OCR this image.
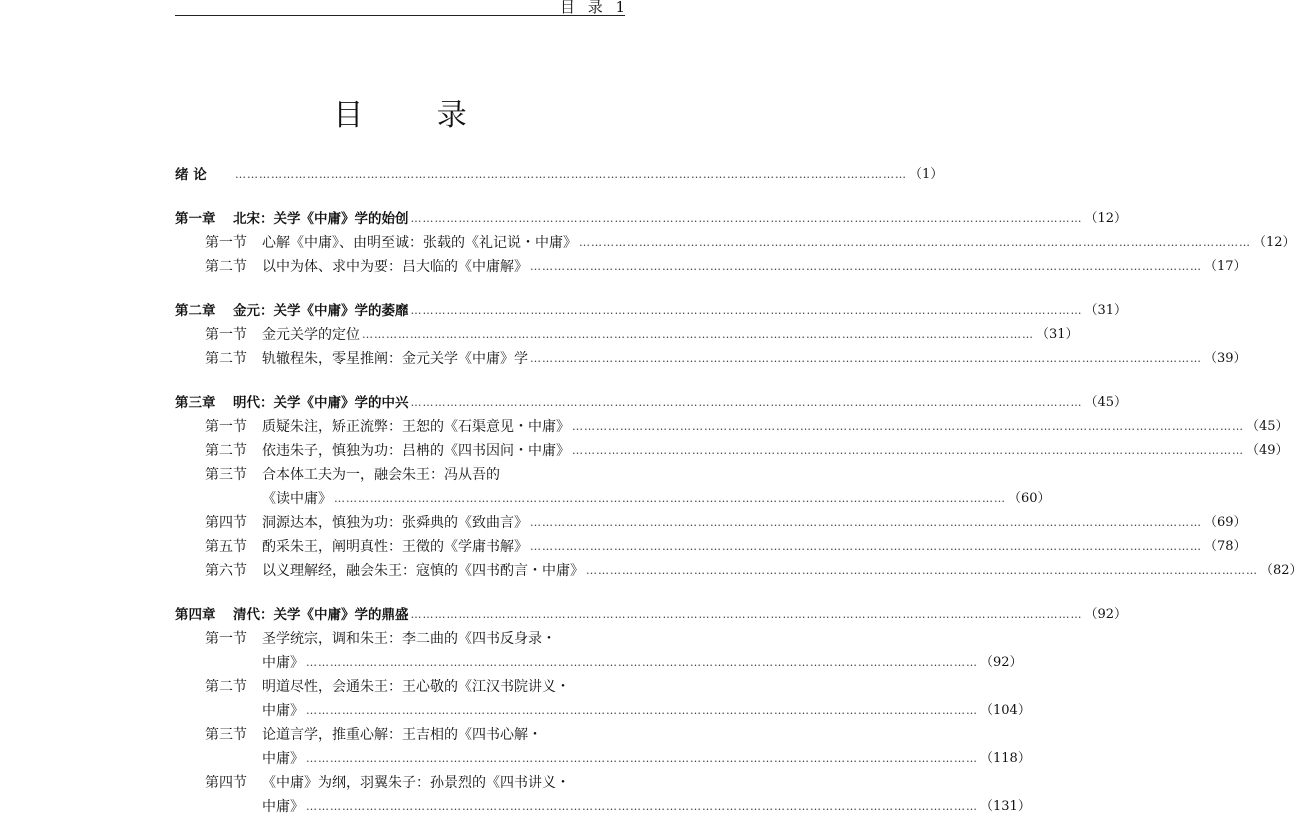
目 录 1
目 录
绪 论 ……………………………………………………………………………………………………………………………………………………	（1）
第一章	北宋：关学《中庸》学的始创 ……………………………………………………………………………………………………………………………………………………	（12）
第一节	心解《中庸》、由明至诚：张载的《礼记说・中庸》 ……………………………………………………………………………………………………………………………………………………	（12）
第二节	以中为体、求中为要：吕大临的《中庸解》 ……………………………………………………………………………………………………………………………………………………	（17）
第二章	金元：关学《中庸》学的萎靡 ……………………………………………………………………………………………………………………………………………………	（31）
第一节	金元关学的定位 ……………………………………………………………………………………………………………………………………………………	（31）
第二节	轨辙程朱，零星推阐：金元关学《中庸》学 ……………………………………………………………………………………………………………………………………………………	（39）
第三章	明代：关学《中庸》学的中兴 ……………………………………………………………………………………………………………………………………………………	（45）
第一节	质疑朱注，矫正流弊：王恕的《石渠意见・中庸》 ……………………………………………………………………………………………………………………………………………………	（45）
第二节	依违朱子，慎独为功：吕柟的《四书因问・中庸》 ……………………………………………………………………………………………………………………………………………………	（49）
第三节	合本体工夫为一，融会朱王：冯从吾的
《读中庸》 ……………………………………………………………………………………………………………………………………………………	（60）
第四节	洞源达本，慎独为功：张舜典的《致曲言》 ……………………………………………………………………………………………………………………………………………………	（69）
第五节	酌采朱王，阐明真性：王徵的《学庸书解》 ……………………………………………………………………………………………………………………………………………………	（78）
第六节	以义理解经，融会朱王：寇慎的《四书酌言・中庸》 ……………………………………………………………………………………………………………………………………………………	（82）
第四章	清代：关学《中庸》学的鼎盛 ……………………………………………………………………………………………………………………………………………………	（92）
第一节	圣学统宗，调和朱王：李二曲的《四书反身录・
中庸》 ……………………………………………………………………………………………………………………………………………………	（92）
第二节	明道尽性，会通朱王：王心敬的《江汉书院讲义・
中庸》 ……………………………………………………………………………………………………………………………………………………	（104）
第三节	论道言学，推重心解：王吉相的《四书心解・
中庸》 ……………………………………………………………………………………………………………………………………………………	（118）
第四节	《中庸》为纲，羽翼朱子：孙景烈的《四书讲义・
中庸》 ……………………………………………………………………………………………………………………………………………………	（131）
